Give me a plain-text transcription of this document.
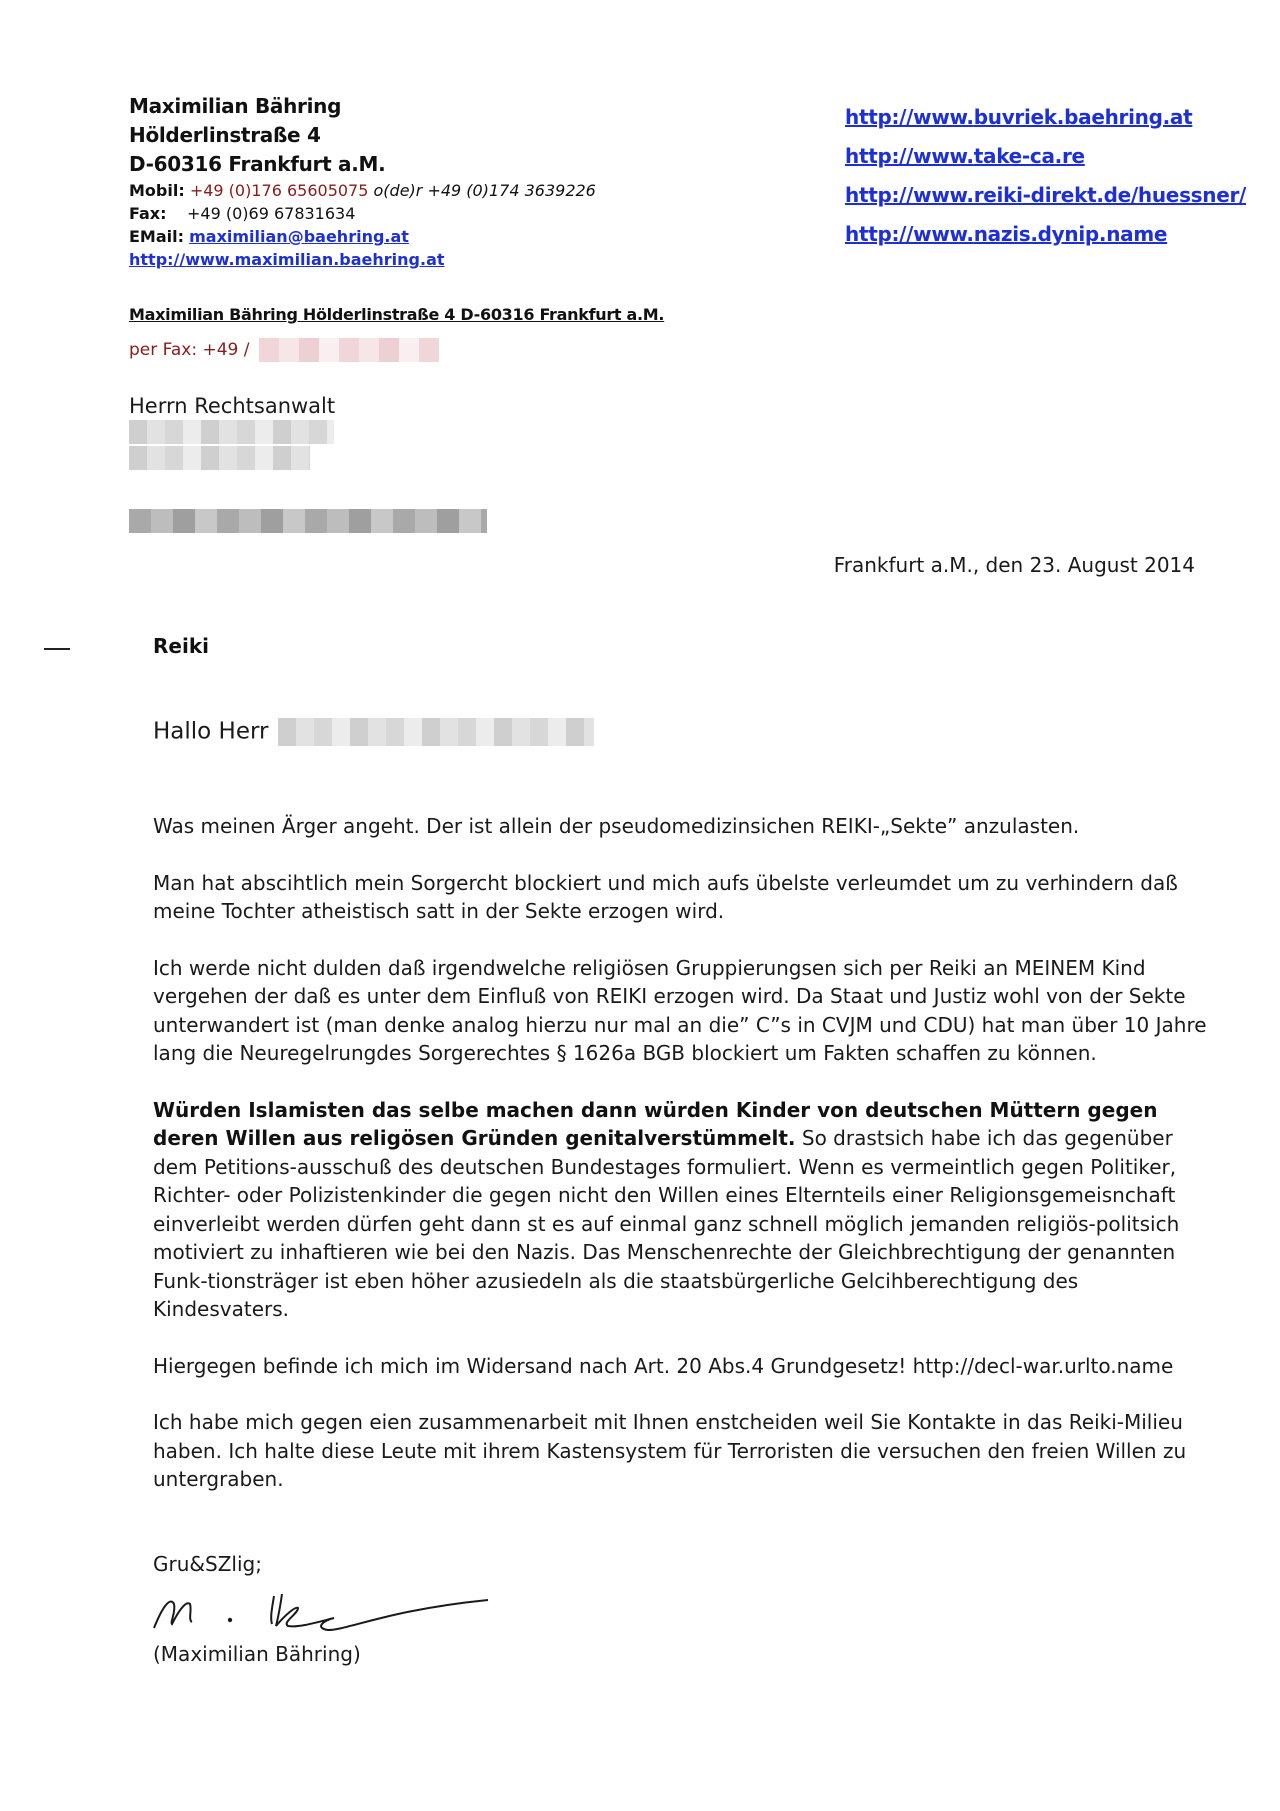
Maximilian Bähring
Hölderlinstraße 4
D-60316 Frankfurt a.M.
Mobil: +49 (0)176 65605075 o(de)r +49 (0)174 3639226
Fax: +49 (0)69 67831634
EMail: maximilian@baehring.at
http://www.maximilian.baehring.at
http://www.buvriek.baehring.at
http://www.take-ca.re
http://www.reiki-direkt.de/huessner/
http://www.nazis.dynip.name
Maximilian Bähring Hölderlinstraße 4 D-60316 Frankfurt a.M.
per Fax: +49 /
Herrn Rechtsanwalt
Frankfurt a.M., den 23. August 2014
Reiki
Hallo Herr

Was meinen Ärger angeht. Der ist allein der pseudomedizinsichen REIKI-„Sekte” anzulasten.

Man hat abscihtlich mein Sorgercht blockiert und mich aufs übelste verleumdet um zu verhindern daß meine Tochter atheistisch satt in der Sekte erzogen wird.

Ich werde nicht dulden daß irgendwelche religiösen Gruppierungsen sich per Reiki an MEINEM Kind vergehen der daß es unter dem Einfluß von REIKI erzogen wird. Da Staat und Justiz wohl von der Sekte unterwandert ist (man denke analog hierzu nur mal an die” C”s in CVJM und CDU) hat man über 10 Jahre lang die Neuregelrungdes Sorgerechtes § 1626a BGB blockiert um Fakten schaffen zu können.

Würden Islamisten das selbe machen dann würden Kinder von deutschen Müttern gegen deren Willen aus religösen Gründen genitalverstümmelt. So drastsich habe ich das gegenüber dem Petitions-ausschuß des deutschen Bundestages formuliert. Wenn es vermeintlich gegen Politiker, Richter- oder Polizistenkinder die gegen nicht den Willen eines Elternteils einer Religionsgemeisnchaft einverleibt werden dürfen geht dann st es auf einmal ganz schnell möglich jemanden religiös-politsich motiviert zu inhaftieren wie bei den Nazis. Das Menschenrechte der Gleichbrechtigung der genannten Funk-tionsträger ist eben höher azusiedeln als die staatsbürgerliche Gelcihberechtigung des Kindesvaters.

Hiergegen befinde ich mich im Widersand nach Art. 20 Abs.4 Grundgesetz! http://decl-war.urlto.name

Ich habe mich gegen eien zusammenarbeit mit Ihnen enstcheiden weil Sie Kontakte in das Reiki-Milieu haben. Ich halte diese Leute mit ihrem Kastensystem für Terroristen die versuchen den freien Willen zu untergraben.

Gru&SZlig;
(Maximilian Bähring)
